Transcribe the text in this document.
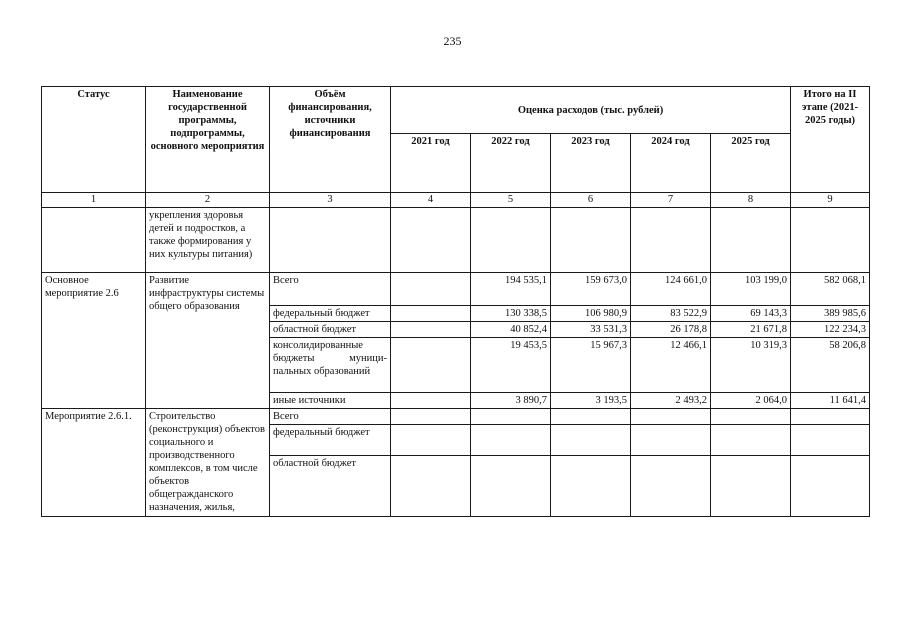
235
Статус	Наименование государственной программы, подпрограммы, основного мероприятия	Объём финансирования, источники финансирования	Оценка расходов (тыс. рублей)					Итого на II этапе (2021-2025 годы)
			2021 год	2022 год	2023 год	2024 год	2025 год	
1	2	3	4	5	6	7	8	9
	укрепления здоровья детей и подростков, а также формирования у них культуры питания)							
Основное мероприятие 2.6	Развитие инфраструктуры системы общего образования	Всего		194 535,1	159 673,0	124 661,0	103 199,0	582 068,1
		федеральный бюджет		130 338,5	106 980,9	83 522,9	69 143,3	389 985,6
		областной бюджет		40 852,4	33 531,3	26 178,8	21 671,8	122 234,3
		консолидированные бюджеты муници-пальных образований		19 453,5	15 967,3	12 466,1	10 319,3	58 206,8
		иные источники		3 890,7	3 193,5	2 493,2	2 064,0	11 641,4
Мероприятие 2.6.1.	Строительство (реконструкция) объектов социального и производственного комплексов, в том числе объектов общегражданского назначения, жилья,	Всего						
		федеральный бюджет						
		областной бюджет						
